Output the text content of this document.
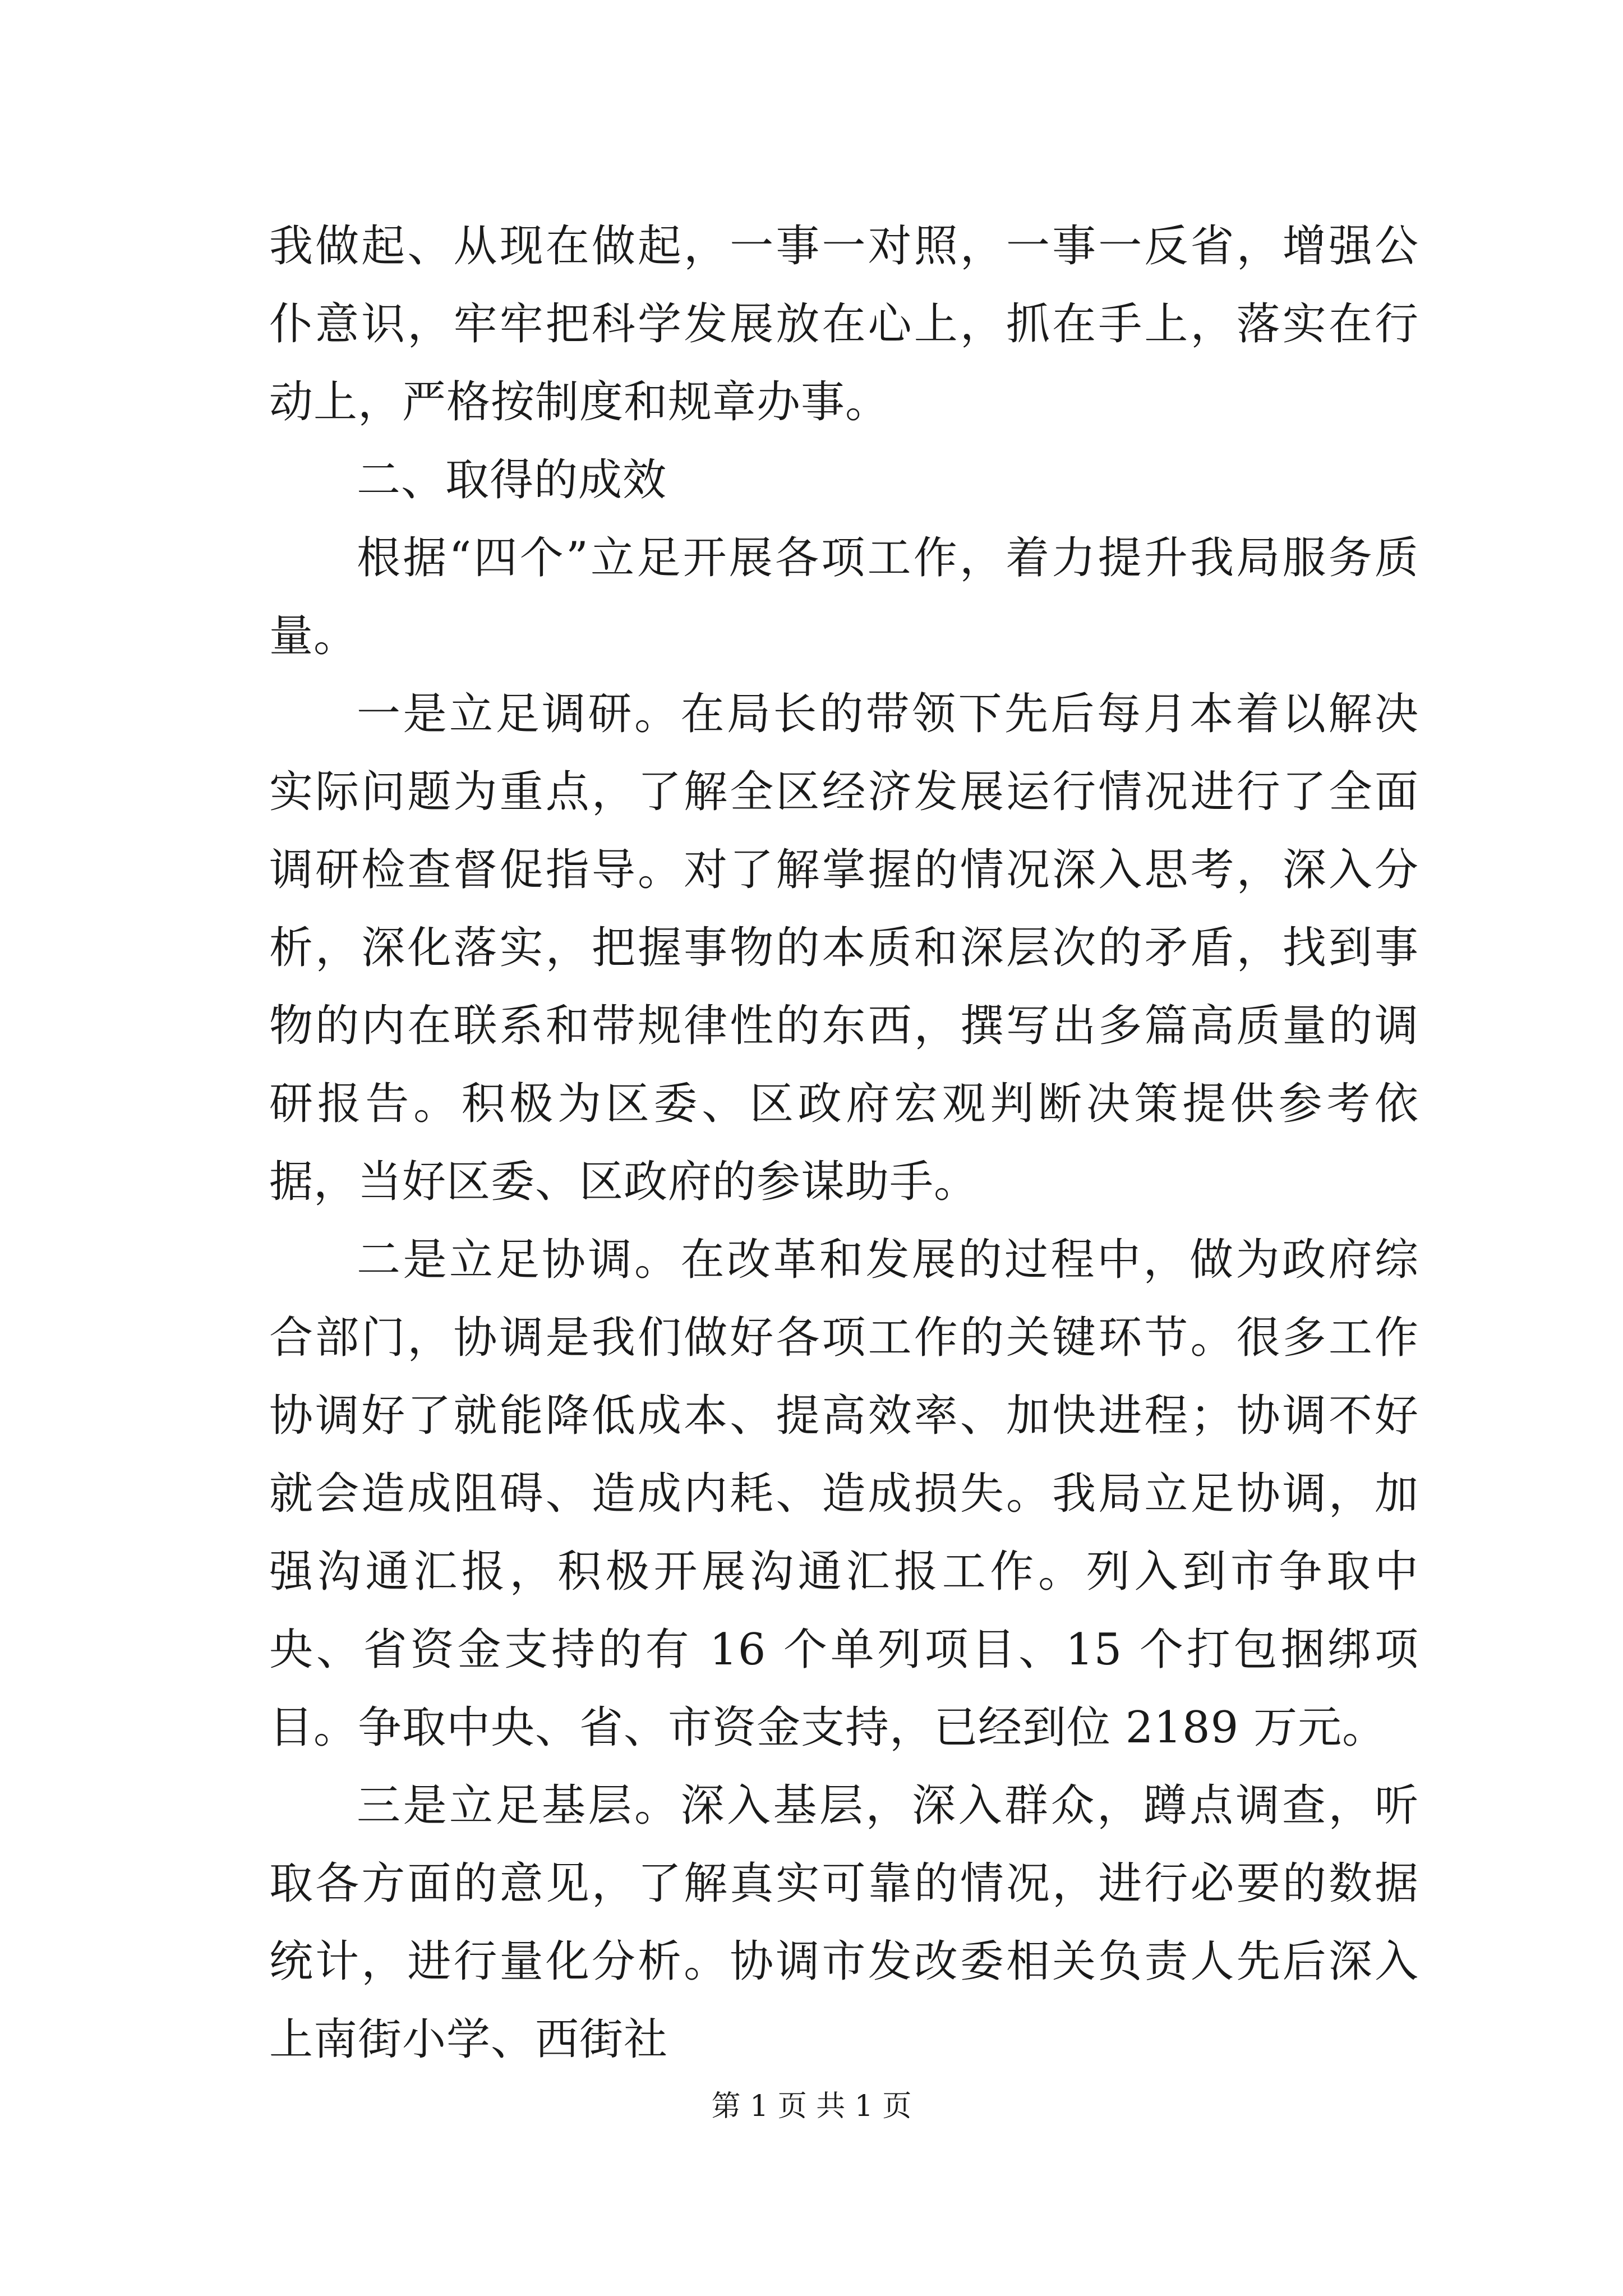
我做起、从现在做起，一事一对照，一事一反省，增强公仆意识，牢牢把科学发展放在心上，抓在手上，落实在行动上，严格按制度和规章办事。

二、取得的成效

根据“四个”立足开展各项工作，着力提升我局服务质量。

一是立足调研。在局长的带领下先后每月本着以解决实际问题为重点，了解全区经济发展运行情况进行了全面调研检查督促指导。对了解掌握的情况深入思考，深入分析，深化落实，把握事物的本质和深层次的矛盾，找到事物的内在联系和带规律性的东西，撰写出多篇高质量的调研报告。积极为区委、区政府宏观判断决策提供参考依据，当好区委、区政府的参谋助手。

二是立足协调。在改革和发展的过程中，做为政府综合部门，协调是我们做好各项工作的关键环节。很多工作协调好了就能降低成本、提高效率、加快进程；协调不好就会造成阻碍、造成内耗、造成损失。我局立足协调，加强沟通汇报，积极开展沟通汇报工作。列入到市争取中央、省资金支持的有 16 个单列项目、15 个打包捆绑项目。争取中央、省、市资金支持，已经到位 2189 万元。

三是立足基层。深入基层，深入群众，蹲点调查，听取各方面的意见，了解真实可靠的情况，进行必要的数据统计，进行量化分析。协调市发改委相关负责人先后深入上南街小学、西街社

第 1 页 共 1 页
